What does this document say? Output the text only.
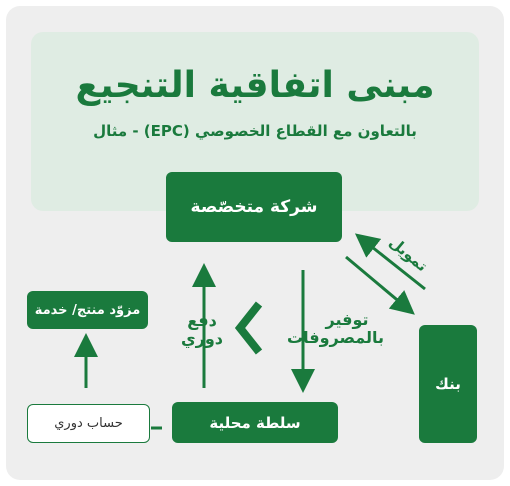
مبنى اتفاقية التنجيع
بالتعاون مع القطاع الخصوصي (EPC) - مثال
شركة متخصّصة
مزوّد منتج/ خدمة
بنك
سلطة محلية
حساب دوري
توفير بالمصروفات
دفع دوري
تمويل
